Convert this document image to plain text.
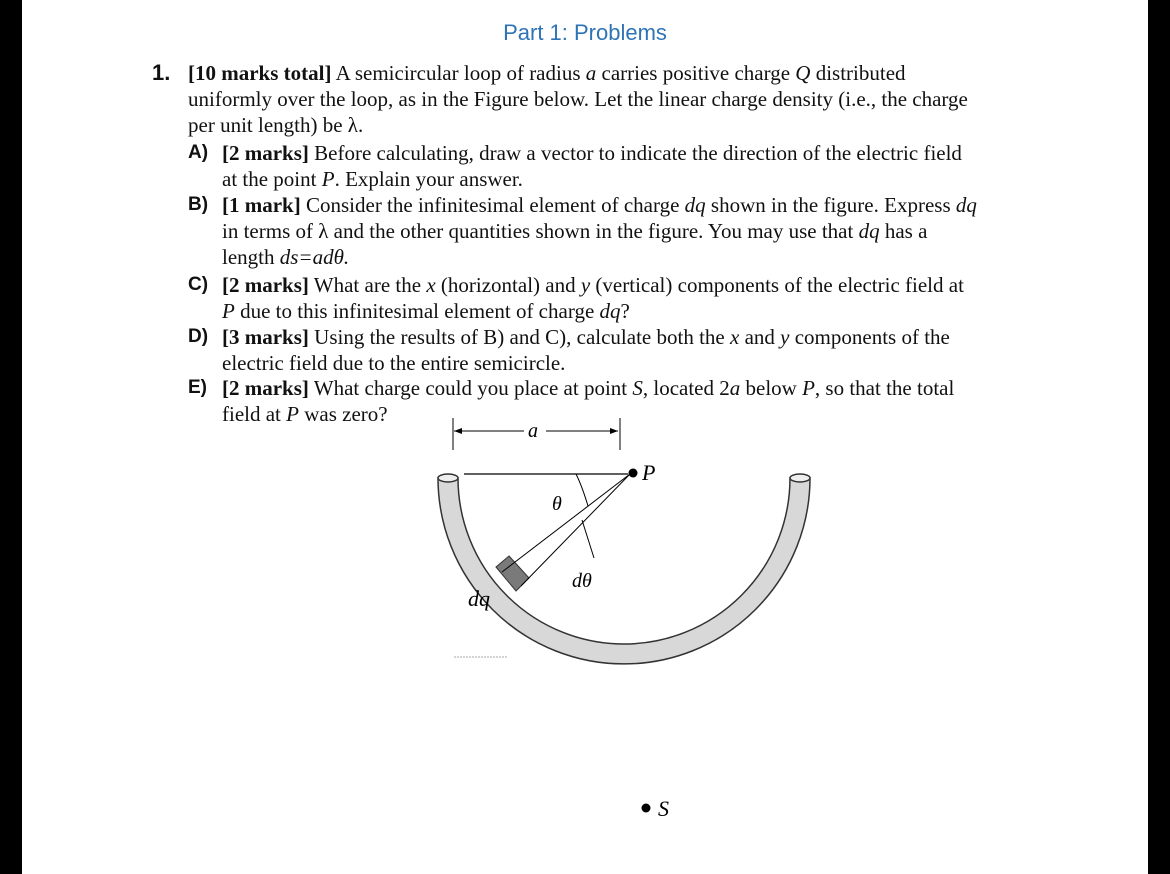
Part 1: Problems
1. [10 marks total] A semicircular loop of radius a carries positive charge Q distributed
uniformly over the loop, as in the Figure below. Let the linear charge density (i.e., the charge
per unit length) be λ.
A) [2 marks] Before calculating, draw a vector to indicate the direction of the electric field
at the point P. Explain your answer.
B) [1 mark] Consider the infinitesimal element of charge dq shown in the figure. Express dq
in terms of λ and the other quantities shown in the figure. You may use that dq has a
length ds=adθ.
C) [2 marks] What are the x (horizontal) and y (vertical) components of the electric field at
P due to this infinitesimal element of charge dq?
D) [3 marks] Using the results of B) and C), calculate both the x and y components of the
electric field due to the entire semicircle.
E) [2 marks] What charge could you place at point S, located 2a below P, so that the total
field at P was zero?
a
θ
dθ
dq
P
S
